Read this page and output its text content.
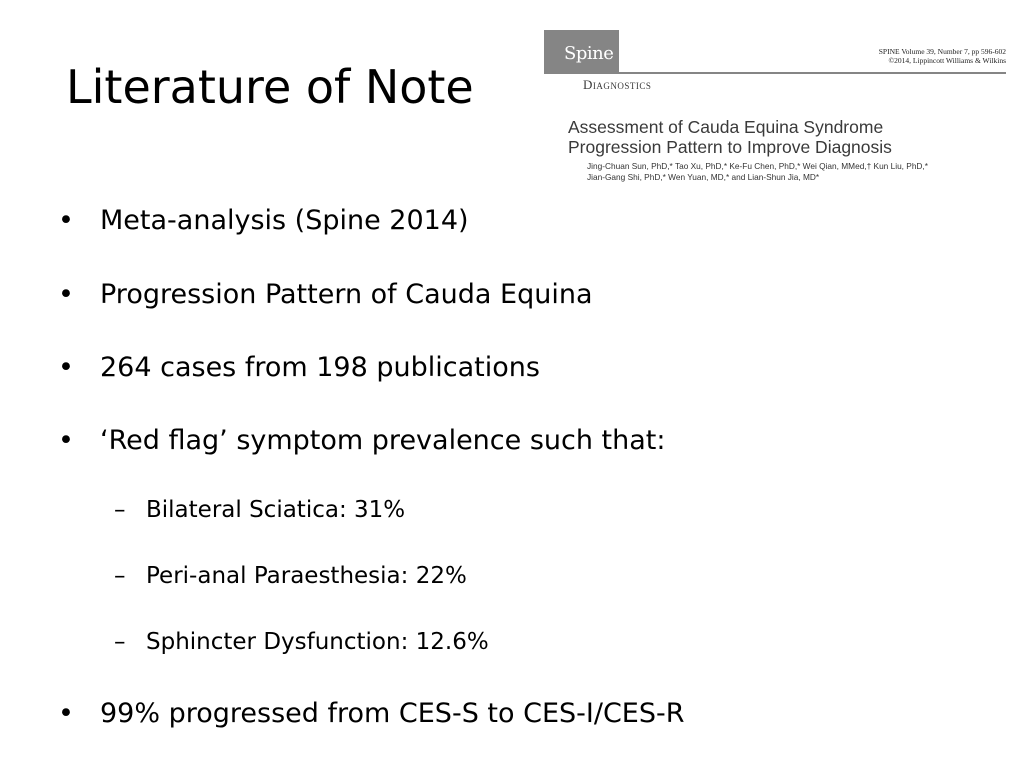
Literature of Note
Spine	SPINE Volume 39, Number 7, pp 596-602
©2014, Lippincott Williams & Wilkins
Diagnostics
Assessment of Cauda Equina Syndrome
Progression Pattern to Improve Diagnosis
Jing-Chuan Sun, PhD,* Tao Xu, PhD,* Ke-Fu Chen, PhD,* Wei Qian, MMed,† Kun Liu, PhD,*
Jian-Gang Shi, PhD,* Wen Yuan, MD,* and Lian-Shun Jia, MD*
• Meta-analysis (Spine 2014)
• Progression Pattern of Cauda Equina
• 264 cases from 198 publications
• ‘Red flag’ symptom prevalence such that:
– Bilateral Sciatica: 31%
– Peri-anal Paraesthesia: 22%
– Sphincter Dysfunction: 12.6%
• 99% progressed from CES-S to CES-I/CES-R
